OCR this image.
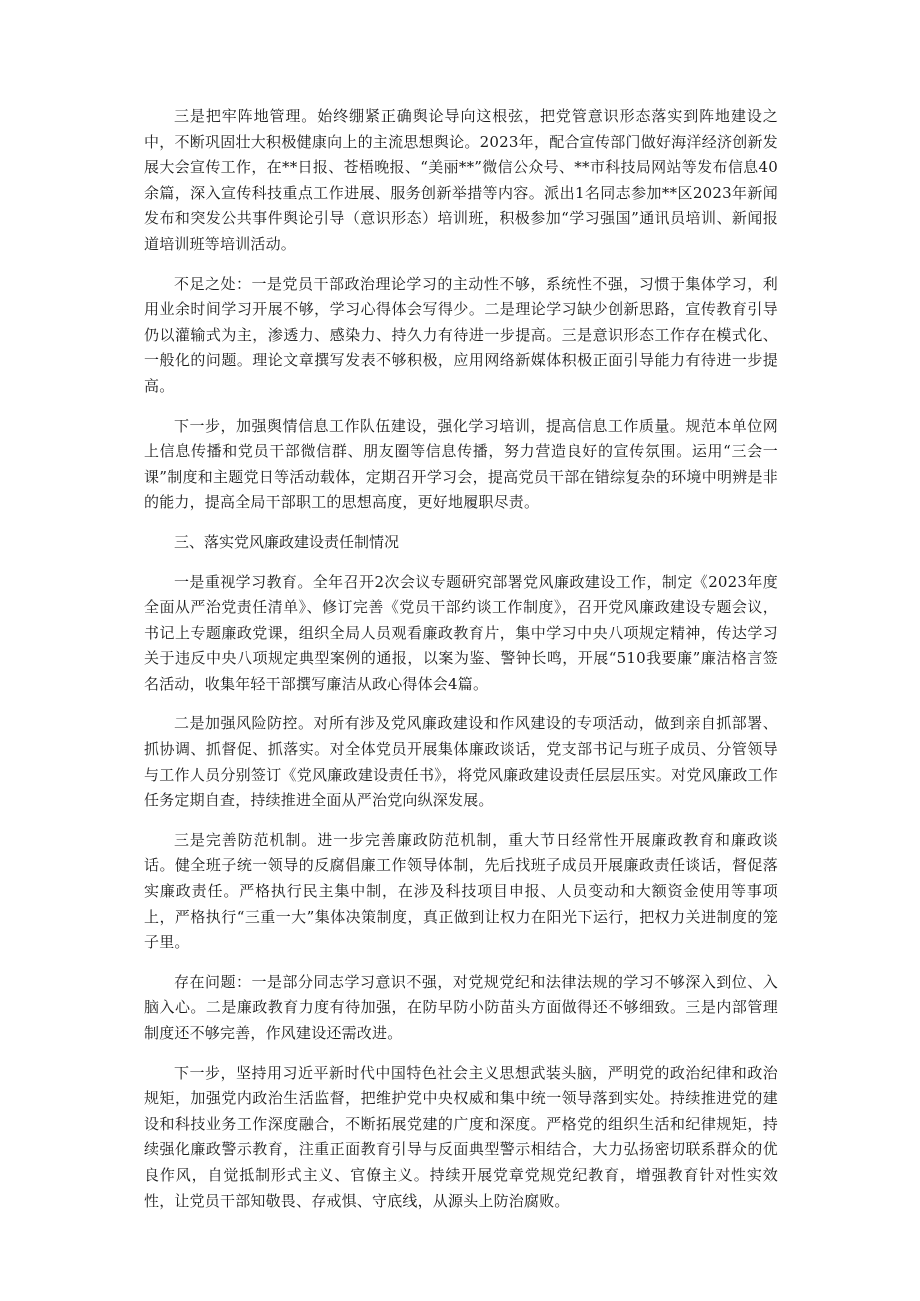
三是把牢阵地管理。始终绷紧正确舆论导向这根弦，把党管意识形态落实到阵地建设之中，不断巩固壮大积极健康向上的主流思想舆论。2023年，配合宣传部门做好海洋经济创新发展大会宣传工作，在**日报、苍梧晚报、“美丽**”微信公众号、**市科技局网站等发布信息40余篇，深入宣传科技重点工作进展、服务创新举措等内容。派出1名同志参加**区2023年新闻发布和突发公共事件舆论引导（意识形态）培训班，积极参加“学习强国”通讯员培训、新闻报道培训班等培训活动。

不足之处：一是党员干部政治理论学习的主动性不够，系统性不强，习惯于集体学习，利用业余时间学习开展不够，学习心得体会写得少。二是理论学习缺少创新思路，宣传教育引导仍以灌输式为主，渗透力、感染力、持久力有待进一步提高。三是意识形态工作存在模式化、一般化的问题。理论文章撰写发表不够积极，应用网络新媒体积极正面引导能力有待进一步提高。

下一步，加强舆情信息工作队伍建设，强化学习培训，提高信息工作质量。规范本单位网上信息传播和党员干部微信群、朋友圈等信息传播，努力营造良好的宣传氛围。运用“三会一课”制度和主题党日等活动载体，定期召开学习会，提高党员干部在错综复杂的环境中明辨是非的能力，提高全局干部职工的思想高度，更好地履职尽责。

三、落实党风廉政建设责任制情况

一是重视学习教育。全年召开2次会议专题研究部署党风廉政建设工作，制定《2023年度全面从严治党责任清单》、修订完善《党员干部约谈工作制度》，召开党风廉政建设专题会议，书记上专题廉政党课，组织全局人员观看廉政教育片，集中学习中央八项规定精神，传达学习关于违反中央八项规定典型案例的通报，以案为鉴、警钟长鸣，开展“510我要廉”廉洁格言签名活动，收集年轻干部撰写廉洁从政心得体会4篇。

二是加强风险防控。对所有涉及党风廉政建设和作风建设的专项活动，做到亲自抓部署、抓协调、抓督促、抓落实。对全体党员开展集体廉政谈话，党支部书记与班子成员、分管领导与工作人员分别签订《党风廉政建设责任书》，将党风廉政建设责任层层压实。对党风廉政工作任务定期自查，持续推进全面从严治党向纵深发展。

三是完善防范机制。进一步完善廉政防范机制，重大节日经常性开展廉政教育和廉政谈话。健全班子统一领导的反腐倡廉工作领导体制，先后找班子成员开展廉政责任谈话，督促落实廉政责任。严格执行民主集中制，在涉及科技项目申报、人员变动和大额资金使用等事项上，严格执行“三重一大”集体决策制度，真正做到让权力在阳光下运行，把权力关进制度的笼子里。

存在问题：一是部分同志学习意识不强，对党规党纪和法律法规的学习不够深入到位、入脑入心。二是廉政教育力度有待加强，在防早防小防苗头方面做得还不够细致。三是内部管理制度还不够完善，作风建设还需改进。

下一步，坚持用习近平新时代中国特色社会主义思想武装头脑，严明党的政治纪律和政治规矩，加强党内政治生活监督，把维护党中央权威和集中统一领导落到实处。持续推进党的建设和科技业务工作深度融合，不断拓展党建的广度和深度。严格党的组织生活和纪律规矩，持续强化廉政警示教育，注重正面教育引导与反面典型警示相结合，大力弘扬密切联系群众的优良作风，自觉抵制形式主义、官僚主义。持续开展党章党规党纪教育，增强教育针对性实效性，让党员干部知敬畏、存戒惧、守底线，从源头上防治腐败。
